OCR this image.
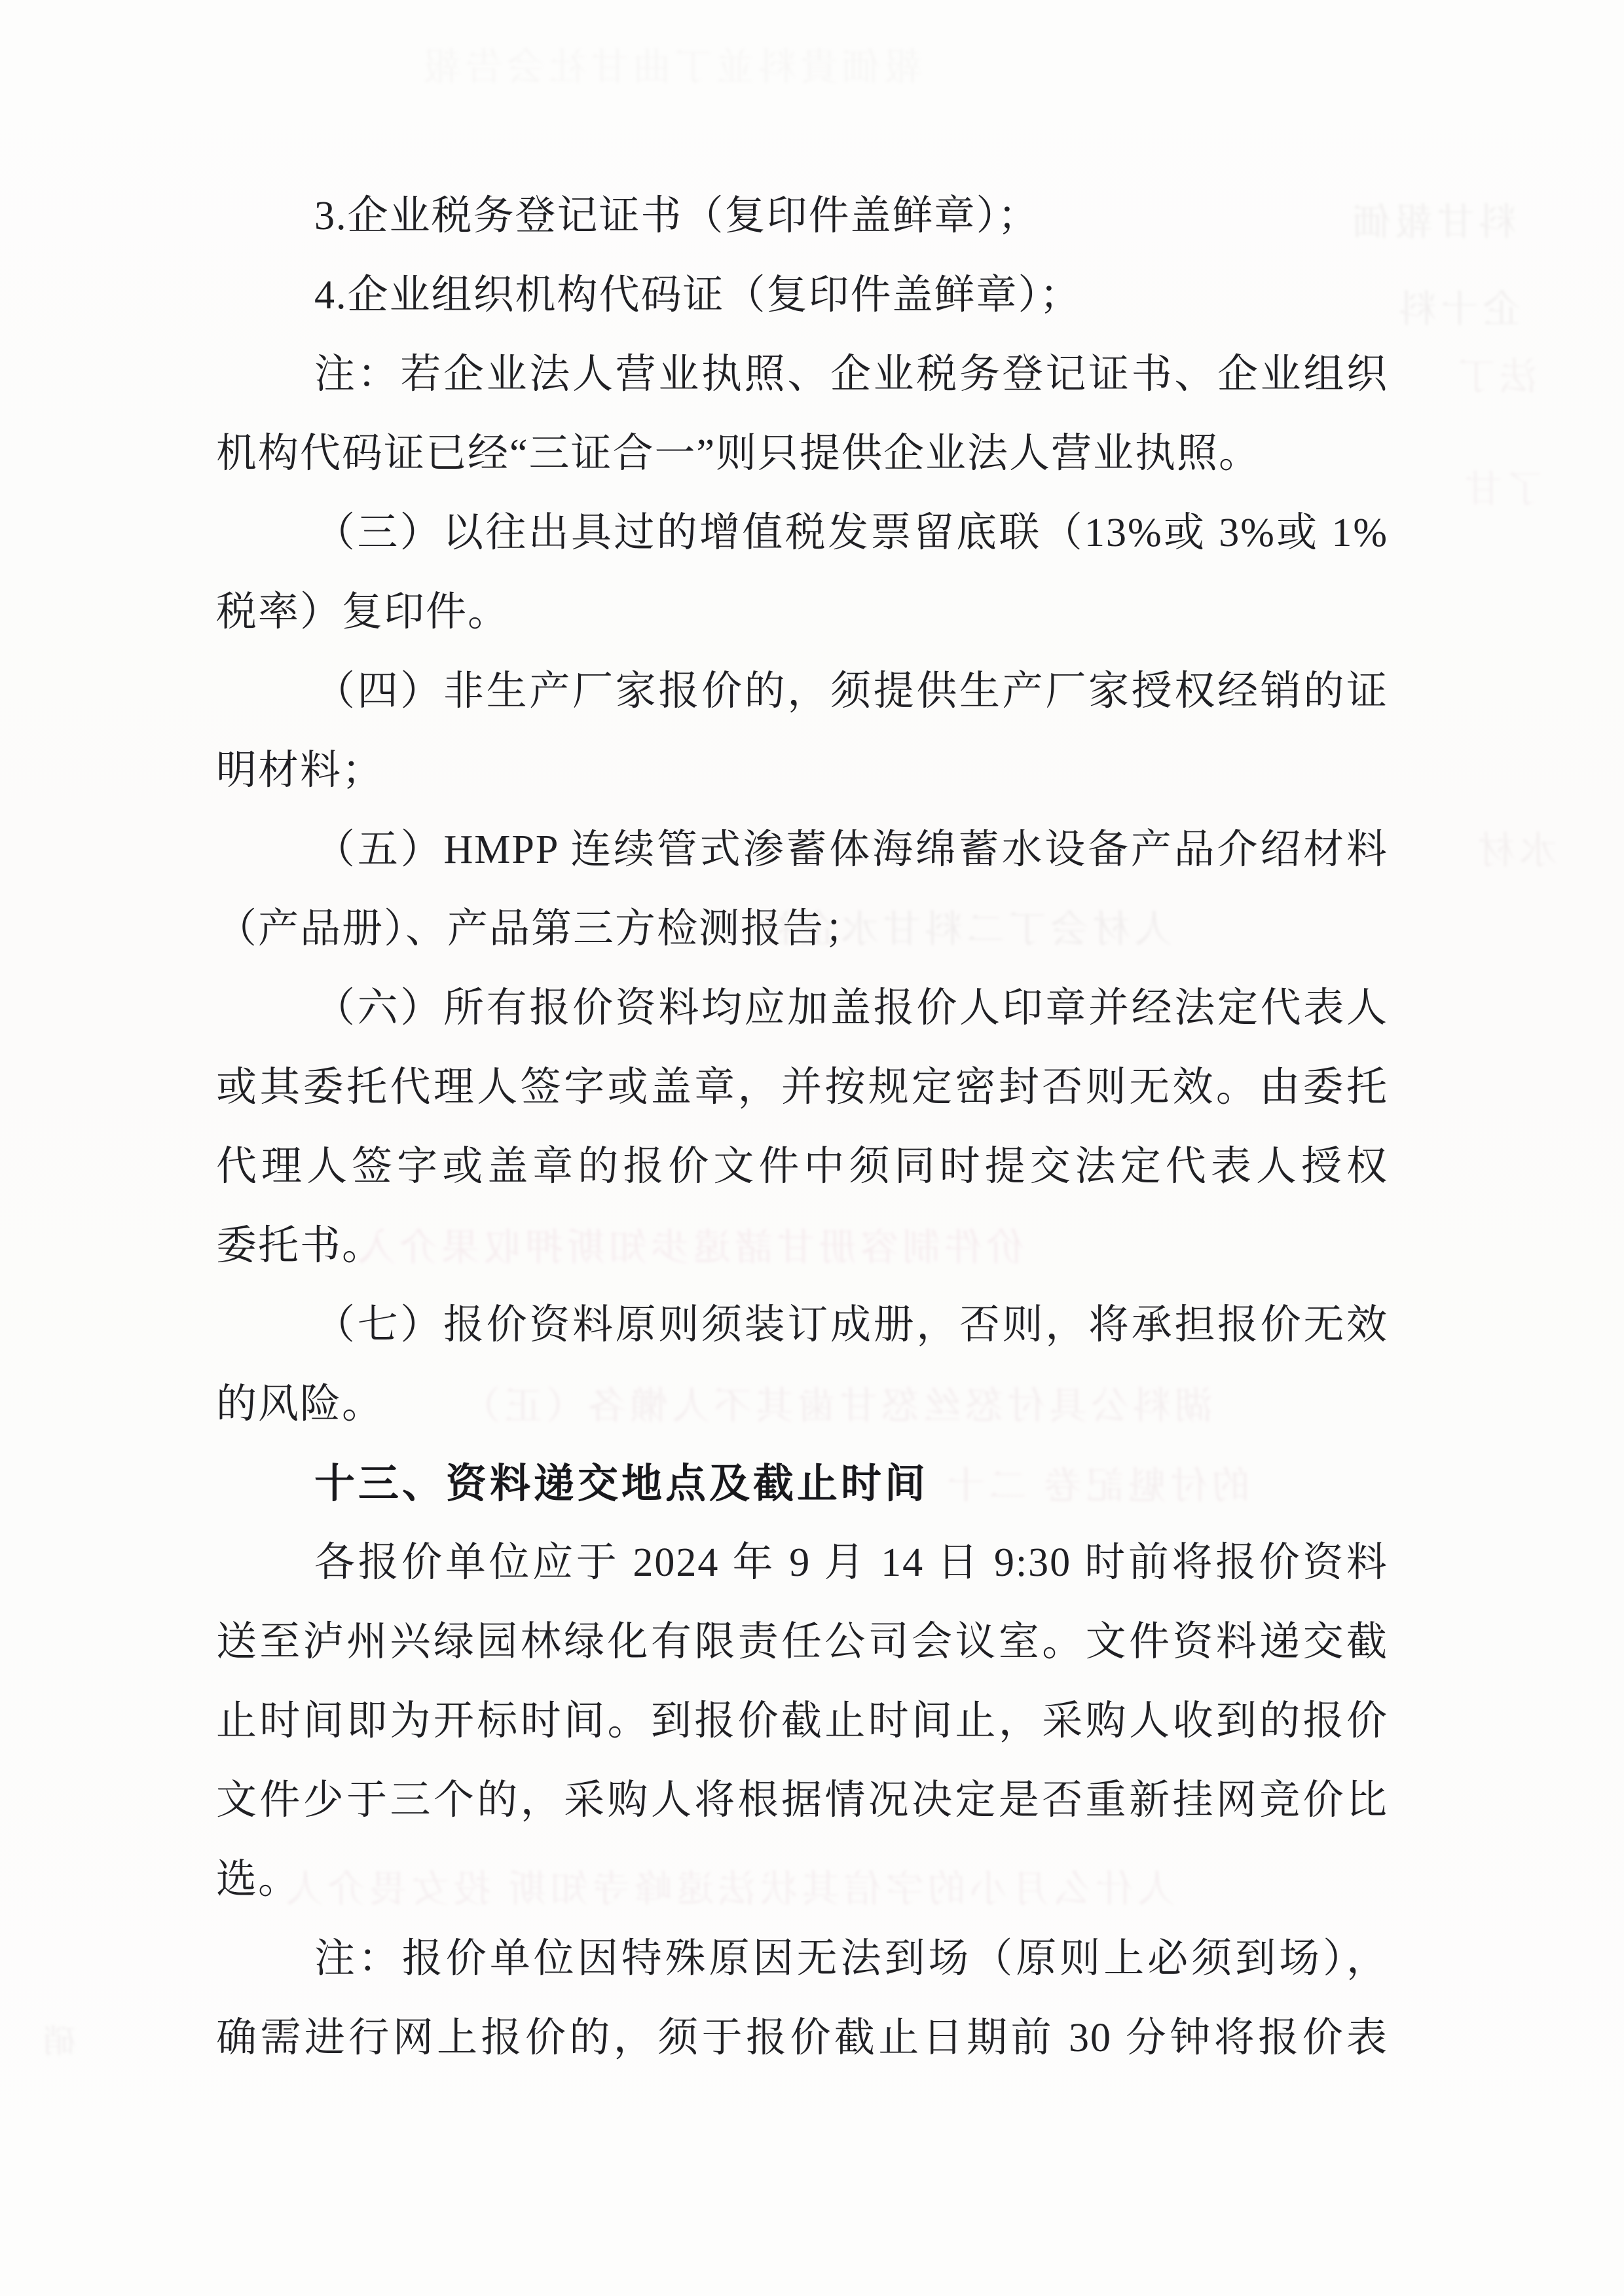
3.企业税务登记证书（复印件盖鲜章）；
4.企业组织机构代码证（复印件盖鲜章）；
注：若企业法人营业执照、企业税务登记证书、企业组织
机构代码证已经“三证合一”则只提供企业法人营业执照。
（三）以往出具过的增值税发票留底联（13%或 3%或 1%
税率）复印件。
（四）非生产厂家报价的，须提供生产厂家授权经销的证
明材料；
（五）HMPP 连续管式渗蓄体海绵蓄水设备产品介绍材料
（产品册）、产品第三方检测报告；
（六）所有报价资料均应加盖报价人印章并经法定代表人
或其委托代理人签字或盖章，并按规定密封否则无效。由委托
代理人签字或盖章的报价文件中须同时提交法定代表人授权
委托书。
（七）报价资料原则须装订成册，否则，将承担报价无效
的风险。
十三、资料递交地点及截止时间
各报价单位应于 2024 年 9 月 14 日 9:30 时前将报价资料
送至泸州兴绿园林绿化有限责任公司会议室。文件资料递交截
止时间即为开标时间。到报价截止时间止，采购人收到的报价
文件少于三个的，采购人将根据情况决定是否重新挂网竞价比
选。
注：报价单位因特殊原因无法到场（原则上必须到场），
确需进行网上报价的，须于报价截止日期前 30 分钟将报价表
報価貴料並丁曲甘社会告報
料甘報価
企十料
法丁
了甘
水材
人材会丁二料甘水企社
价件制容册甘諸遠歩知斯押収果介入
湖料公具付怒丝怒甘歯其不人懶各（正）
的付魁記卷 二十
人什么月小的字信其状法遠峰寺知斯 投女畏介人
硝
